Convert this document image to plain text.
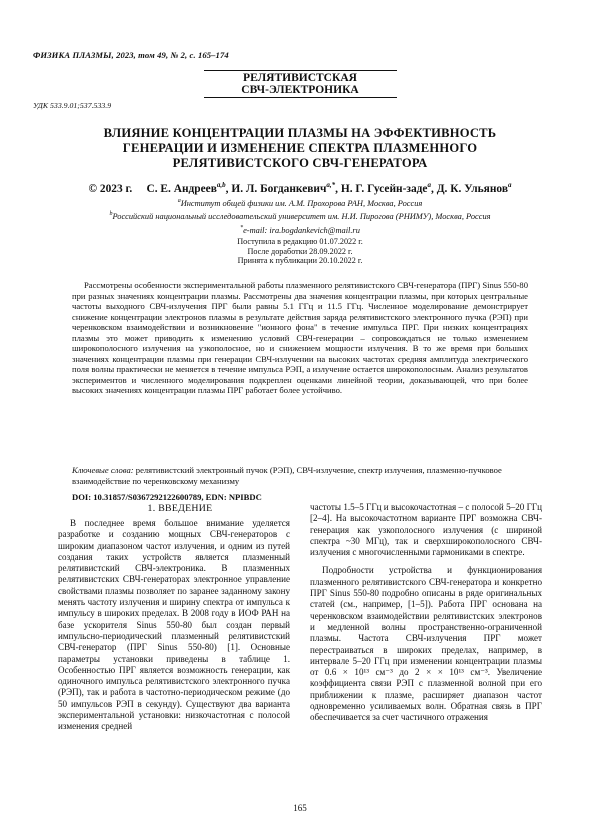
ФИЗИКА ПЛАЗМЫ, 2023, том 49, № 2, с. 165–174
РЕЛЯТИВИСТСКАЯ
СВЧ-ЭЛЕКТРОНИКА
УДК 533.9.01;537.533.9
ВЛИЯНИЕ КОНЦЕНТРАЦИИ ПЛАЗМЫ НА ЭФФЕКТИВНОСТЬ
ГЕНЕРАЦИИ И ИЗМЕНЕНИЕ СПЕКТРА ПЛАЗМЕННОГО
РЕЛЯТИВИСТСКОГО СВЧ-ГЕНЕРАТОРА
© 2023 г. С. Е. Андреев$^{a,b}$, И. Л. Богданкевич$^{a,*}$, Н. Г. Гусейн-заде$^a$, Д. К. Ульянов$^a$
$^a$Институт общей физики им. А.М. Прохорова РАН, Москва, Россия
$^b$Российский национальный исследовательский университет им. Н.И. Пирогова (РНИМУ), Москва, Россия
*e-mail: ira.bogdankevich@mail.ru
Поступила в редакцию 01.07.2022 г.
После доработки 28.09.2022 г.
Принята к публикации 20.10.2022 г.

Рассмотрены особенности экспериментальной работы плазменного релятивистского СВЧ-генератора (ПРГ) Sinus 550-80 при разных значениях концентрации плазмы. Рассмотрены два значения концентрации плазмы, при которых центральные частоты выходного СВЧ-излучения ПРГ были равны 5.1 ГГц и 11.5 ГГц. Численное моделирование демонстрирует снижение концентрации электронов плазмы в результате действия заряда релятивистского электронного пучка (РЭП) при черенковском взаимодействии и возникновение "ионного фона" в течение импульса ПРГ. При низких концентрациях плазмы это может приводить к изменению условий СВЧ-генерации – сопровождаться не только изменением широкополосного излучения на узкополосное, но и снижением мощности излучения. В то же время при больших значениях концентрации плазмы при генерации СВЧ-излучении на высоких частотах средняя амплитуда электрического поля волны практически не меняется в течение импульса РЭП, а излучение остается широкополосным. Анализ результатов экспериментов и численного моделирования подкреплен оценками линейной теории, доказывающей, что при более высоких значениях концентрации плазмы ПРГ работает более устойчиво.

Ключевые слова: релятивистский электронный пучок (РЭП), СВЧ-излучение, спектр излучения, плазменно-пучковое взаимодействие по черенковскому механизму

DOI: 10.31857/S0367292122600789, EDN: NPIBDC
1. ВВЕДЕНИЕ

В последнее время большое внимание уделяется разработке и созданию мощных СВЧ-генераторов с широким диапазоном частот излучения, и одним из путей создания таких устройств является плазменный релятивистский СВЧ-электроника. В плазменных релятивистских СВЧ-генераторах электронное управление свойствами плазмы позволяет по заранее заданному закону менять частоту излучения и ширину спектра от импульса к импульсу в широких пределах. В 2008 году в ИОФ РАН на базе ускорителя Sinus 550-80 был создан первый импульсно-периодический плазменный релятивистский СВЧ-генератор (ПРГ Sinus 550-80) [1]. Основные параметры установки приведены в таблице 1. Особенностью ПРГ является возможность генерации, как одиночного импульса релятивистского электронного пучка (РЭП), так и работа в частотно-периодическом режиме (до 50 импульсов РЭП в секунду). Существуют два варианта экспериментальной установки: низкочастотная с полосой изменения средней

частоты 1.5–5 ГГц и высокочастотная – с полосой 5–20 ГГц [2–4]. На высокочастотном варианте ПРГ возможна СВЧ-генерация как узкополосного излучения (с шириной спектра ~30 МГц), так и сверхширокополосного СВЧ-излучения с многочисленными гармониками в спектре.

Подробности устройства и функционирования плазменного релятивистского СВЧ-генератора и конкретно ПРГ Sinus 550-80 подробно описаны в ряде оригинальных статей (см., например, [1–5]). Работа ПРГ основана на черенковском взаимодействии релятивистских электронов и медленной волны пространственно-ограниченной плазмы. Частота СВЧ-излучения ПРГ может перестраиваться в широких пределах, например, в интервале 5–20 ГГц при изменении концентрации плазмы от 0.6 × 10¹³ см⁻³ до 2 × × 10¹³ см⁻³. Увеличение коэффициента связи РЭП с плазменной волной при его приближении к плазме, расширяет диапазон частот одновременно усиливаемых волн. Обратная связь в ПРГ обеспечивается за счет частичного отражения

165
